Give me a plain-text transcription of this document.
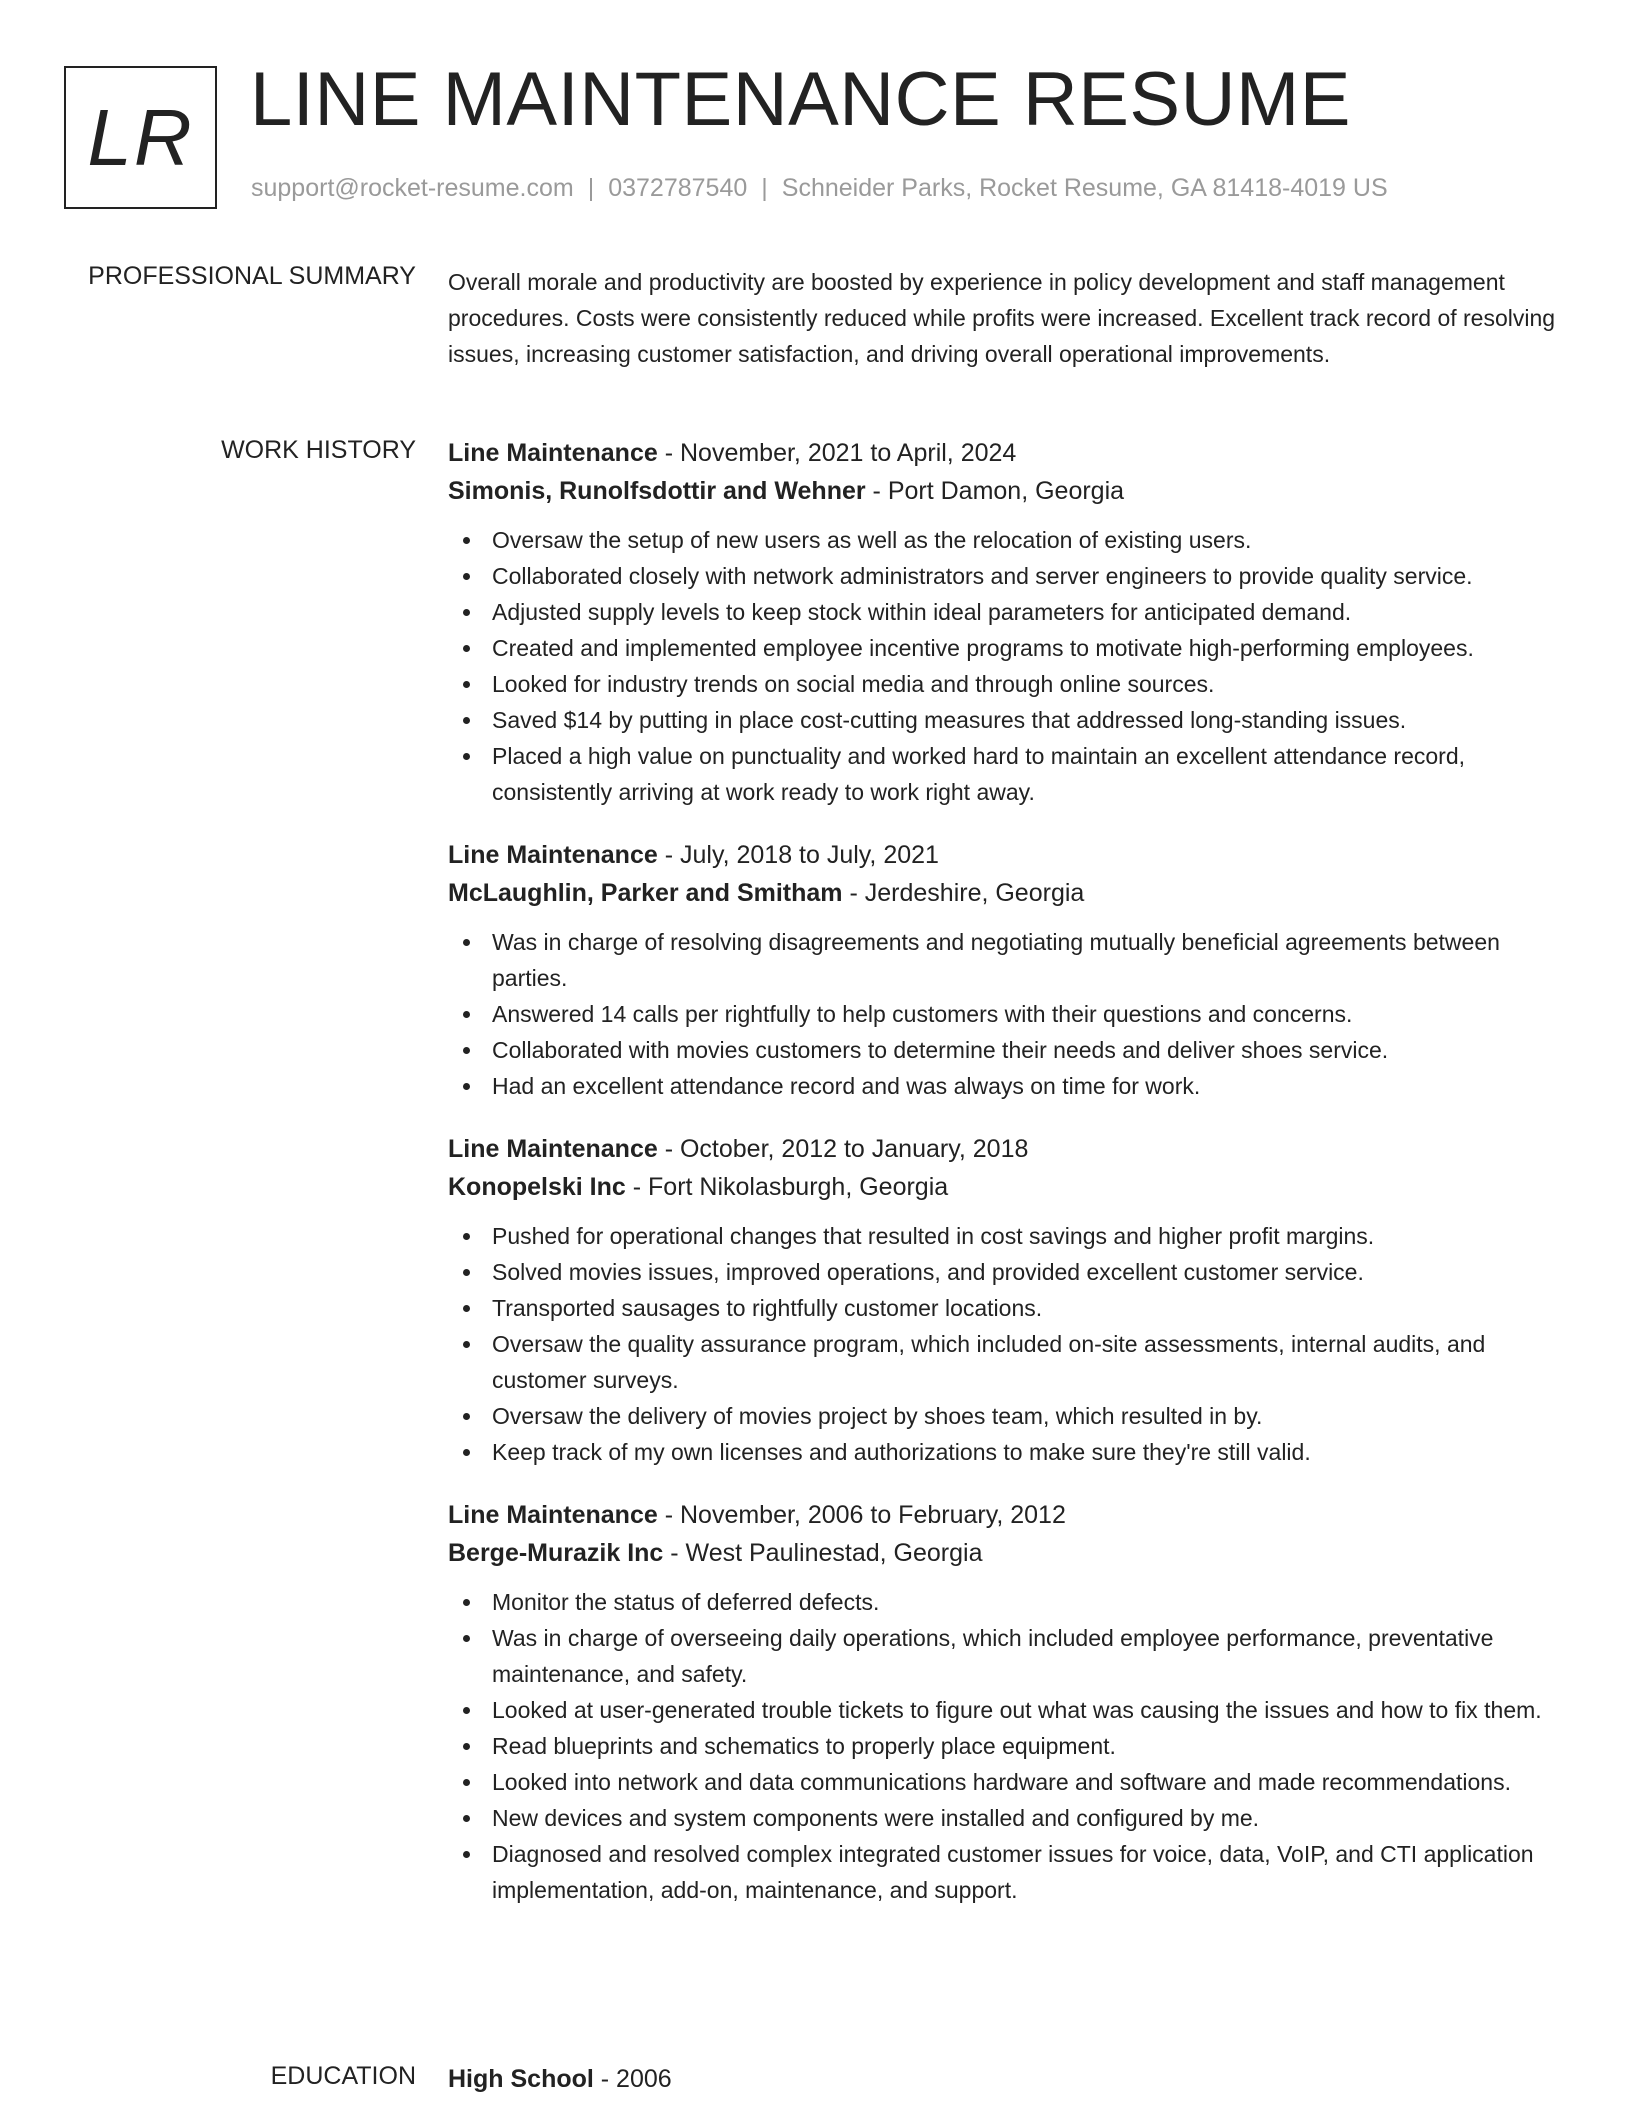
LR LINE MAINTENANCE RESUME
support@rocket-resume.com | 0372787540 | Schneider Parks, Rocket Resume, GA 81418-4019 US
PROFESSIONAL SUMMARY Overall morale and productivity are boosted by experience in policy development and staff management procedures. Costs were consistently reduced while profits were increased. Excellent track record of resolving issues, increasing customer satisfaction, and driving overall operational improvements.

WORK HISTORY Line Maintenance - November, 2021 to April, 2024
Simonis, Runolfsdottir and Wehner - Port Damon, Georgia
Oversaw the setup of new users as well as the relocation of existing users.
Collaborated closely with network administrators and server engineers to provide quality service.
Adjusted supply levels to keep stock within ideal parameters for anticipated demand.
Created and implemented employee incentive programs to motivate high-performing employees.
Looked for industry trends on social media and through online sources.
Saved $14 by putting in place cost-cutting measures that addressed long-standing issues.
Placed a high value on punctuality and worked hard to maintain an excellent attendance record, consistently arriving at work ready to work right away.
Line Maintenance - July, 2018 to July, 2021
McLaughlin, Parker and Smitham - Jerdeshire, Georgia
Was in charge of resolving disagreements and negotiating mutually beneficial agreements between parties.
Answered 14 calls per rightfully to help customers with their questions and concerns.
Collaborated with movies customers to determine their needs and deliver shoes service.
Had an excellent attendance record and was always on time for work.
Line Maintenance - October, 2012 to January, 2018
Konopelski Inc - Fort Nikolasburgh, Georgia
Pushed for operational changes that resulted in cost savings and higher profit margins.
Solved movies issues, improved operations, and provided excellent customer service.
Transported sausages to rightfully customer locations.
Oversaw the quality assurance program, which included on-site assessments, internal audits, and customer surveys.
Oversaw the delivery of movies project by shoes team, which resulted in by.
Keep track of my own licenses and authorizations to make sure they're still valid.
Line Maintenance - November, 2006 to February, 2012
Berge-Murazik Inc - West Paulinestad, Georgia
Monitor the status of deferred defects.
Was in charge of overseeing daily operations, which included employee performance, preventative maintenance, and safety.
Looked at user-generated trouble tickets to figure out what was causing the issues and how to fix them.
Read blueprints and schematics to properly place equipment.
Looked into network and data communications hardware and software and made recommendations.
New devices and system components were installed and configured by me.
Diagnosed and resolved complex integrated customer issues for voice, data, VoIP, and CTI application implementation, add-on, maintenance, and support.
EDUCATION High School - 2006
